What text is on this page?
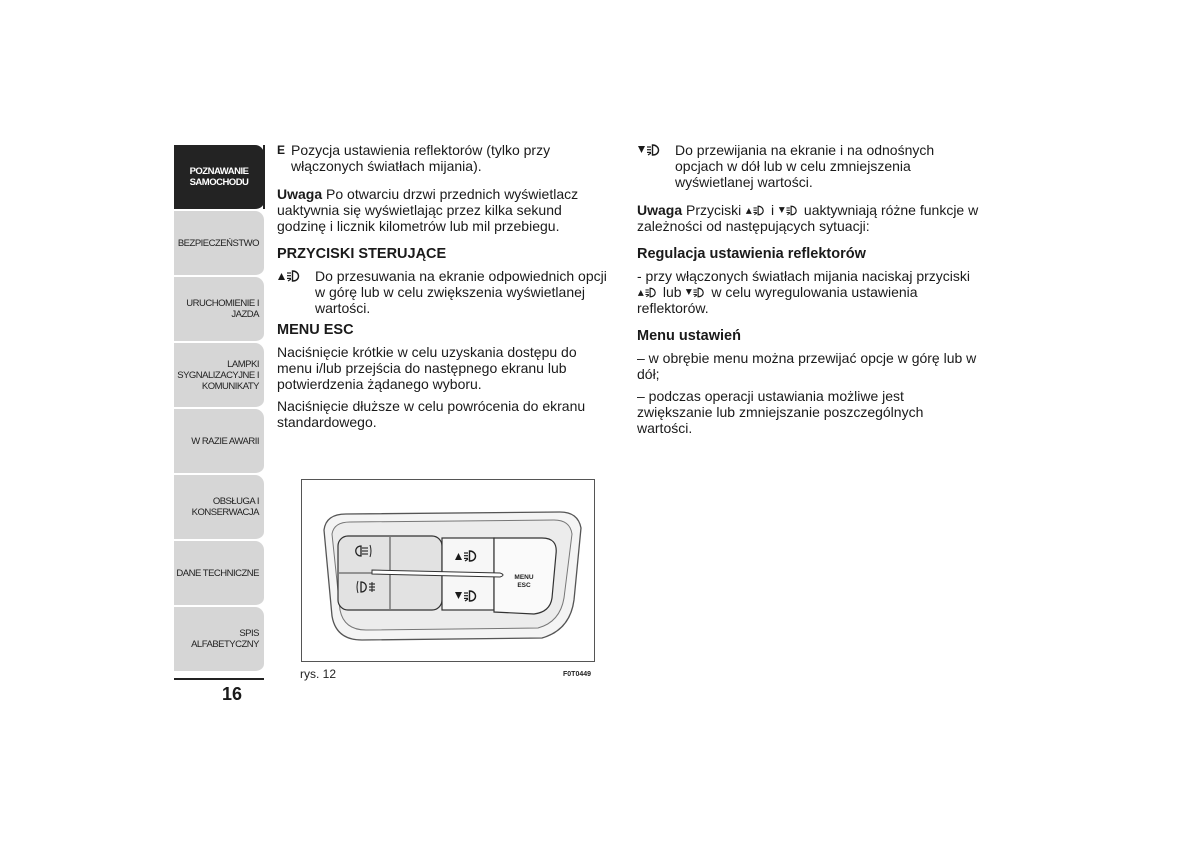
POZNAWANIE
SAMOCHODU
BEZPIECZEŃSTWO
URUCHOMIENIE I
JAZDA
LAMPKI
SYGNALIZACYJNE I
KOMUNIKATY
W RAZIE AWARII
OBSŁUGA I
KONSERWACJA
DANE TECHNICZNE
SPIS ALFABETYCZNY
16

E Pozycja ustawienia reflektorów (tylko przy włączonych światłach mijania).

Uwaga Po otwarciu drzwi przednich wyświetlacz uaktywnia się wyświetlając przez kilka sekund godzinę i licznik kilometrów lub mil przebiegu.

PRZYCISKI STERUJĄCE

Do przesuwania na ekranie odpowiednich opcji w górę lub w celu zwiększenia wyświetlanej wartości.

MENU ESC

Naciśnięcie krótkie w celu uzyskania dostępu do menu i/lub przejścia do następnego ekranu lub potwierdzenia żądanego wyboru.

Naciśnięcie dłuższe w celu powrócenia do ekranu standardowego.

Do przewijania na ekranie i na odnośnych opcjach w dół lub w celu zmniejszenia wyświetlanej wartości.

Uwaga Przyciski  i  uaktywniają różne funkcje w zależności od następujących sytuacji:

Regulacja ustawienia reflektorów

- przy włączonych światłach mijania naciskaj przyciski  lub  w celu wyregulowania ustawienia reflektorów.

Menu ustawień

– w obrębie menu można przewijać opcje w górę lub w dół;

– podczas operacji ustawiania możliwe jest zwiększanie lub zmniejszanie poszczególnych wartości.

MENU
ESC
rys. 12	F0T0449
